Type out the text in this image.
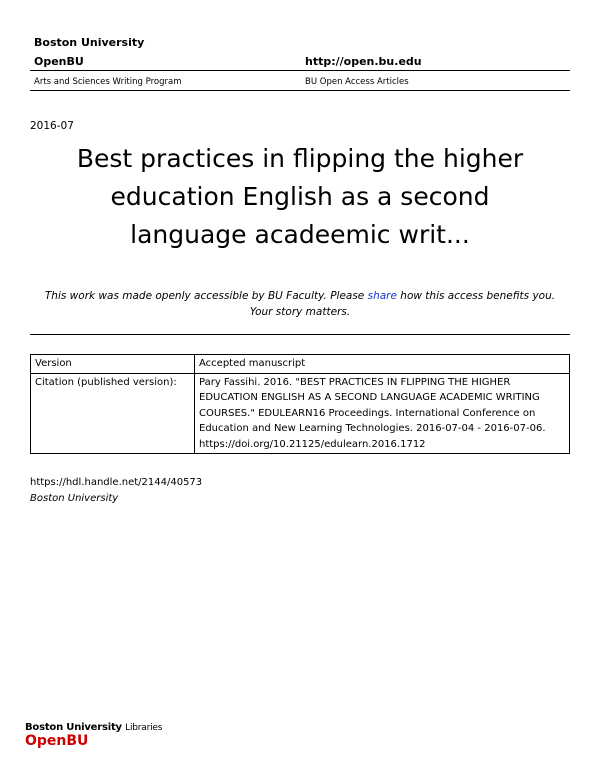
Boston University
OpenBU	http://open.bu.edu
Arts and Sciences Writing Program	BU Open Access Articles
2016-07
Best practices in flipping the higher
education English as a second
language acadeemic writ...
This work was made openly accessible by BU Faculty. Please share how this access benefits you.
Your story matters.
Version	Accepted manuscript
Citation (published version):	Pary Fassihi. 2016. "BEST PRACTICES IN FLIPPING THE HIGHER
EDUCATION ENGLISH AS A SECOND LANGUAGE ACADEMIC WRITING
COURSES." EDULEARN16 Proceedings. International Conference on
Education and New Learning Technologies. 2016-07-04 - 2016-07-06.
https://doi.org/10.21125/edulearn.2016.1712
https://hdl.handle.net/2144/40573
Boston University
Boston University Libraries
OpenBU
